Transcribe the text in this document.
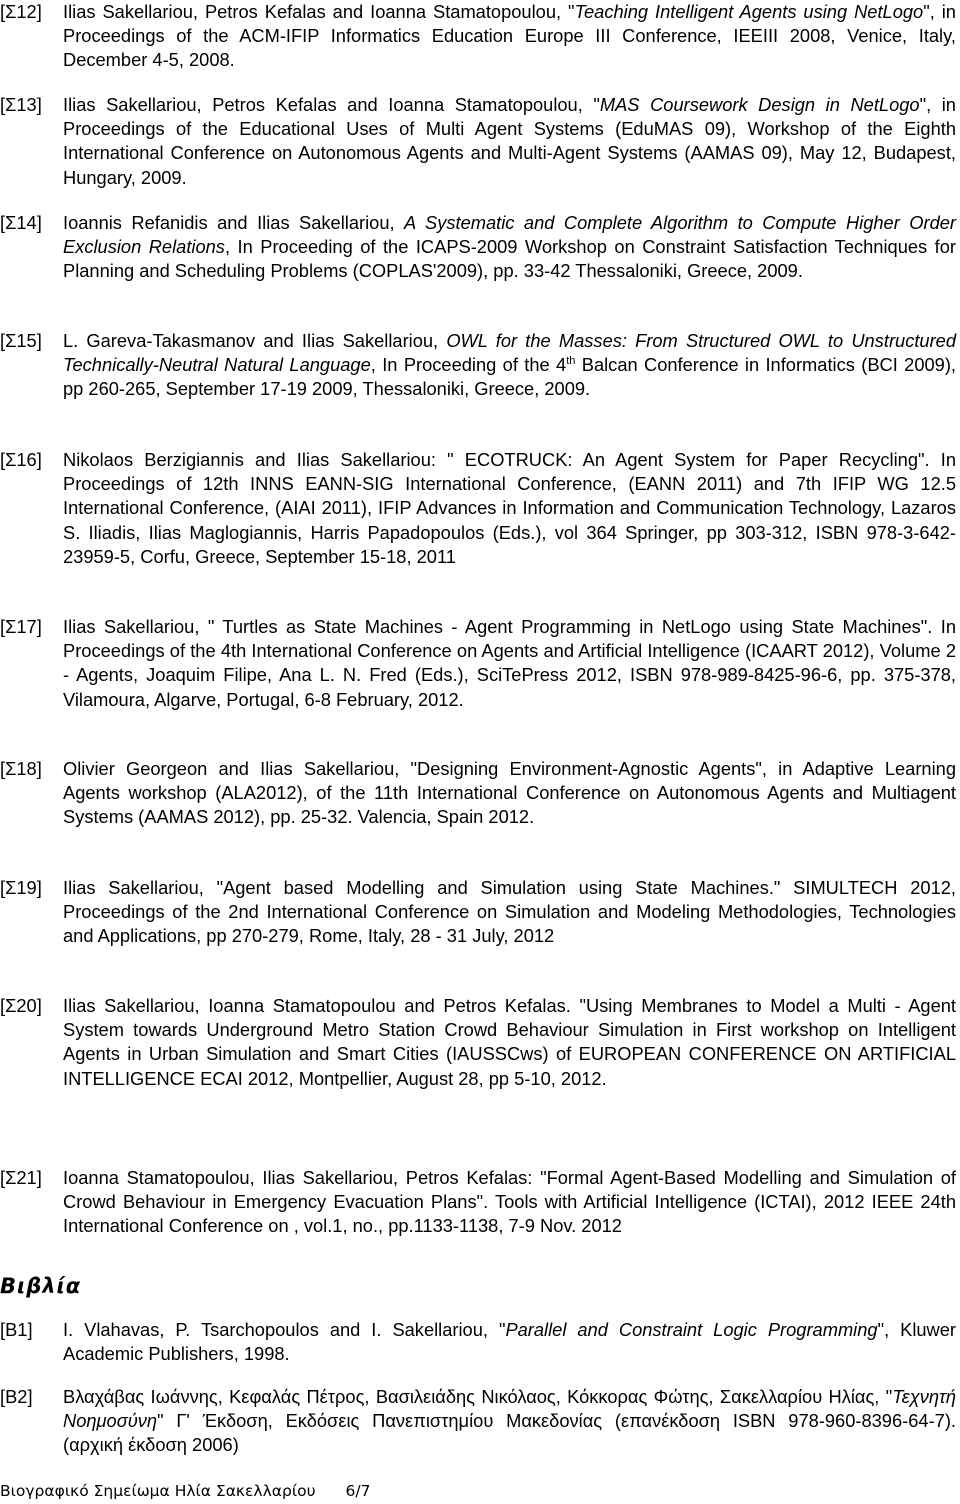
[Σ12]	Ilias Sakellariou, Petros Kefalas and Ioanna Stamatopoulou, "Teaching Intelligent Agents using NetLogo", in Proceedings of the ACM-IFIP Informatics Education Europe III Conference, IEEIII 2008, Venice, Italy, December 4-5, 2008.
[Σ13]	Ilias Sakellariou, Petros Kefalas and Ioanna Stamatopoulou, "MAS Coursework Design in NetLogo", in Proceedings of the Educational Uses of Multi Agent Systems (EduMAS 09), Workshop of the Eighth International Conference on Autonomous Agents and Multi-Agent Systems (AAMAS 09), May 12, Budapest, Hungary, 2009.
[Σ14]	Ioannis Refanidis and Ilias Sakellariou, A Systematic and Complete Algorithm to Compute Higher Order Exclusion Relations, In Proceeding of the ICAPS-2009 Workshop on Constraint Satisfaction Techniques for Planning and Scheduling Problems (COPLAS'2009), pp. 33-42 Thessaloniki, Greece, 2009.
[Σ15]	L. Gareva-Takasmanov and Ilias Sakellariou, OWL for the Masses: From Structured OWL to Unstructured Technically-Neutral Natural Language, In Proceeding of the 4th Balcan Conference in Informatics (BCI 2009), pp 260-265, September 17-19 2009, Thessaloniki, Greece, 2009.
[Σ16]	Nikolaos Berzigiannis and Ilias Sakellariou: " ECOTRUCK: An Agent System for Paper Recycling". In Proceedings of 12th INNS EANN-SIG International Conference, (EANN 2011) and 7th IFIP WG 12.5 International Conference, (AIAI 2011), IFIP Advances in Information and Communication Technology, Lazaros S. Iliadis, Ilias Maglogiannis, Harris Papadopoulos (Eds.), vol 364 Springer, pp 303-312, ISBN 978-3-642-23959-5, Corfu, Greece, September 15-18, 2011
[Σ17]	Ilias Sakellariou, " Turtles as State Machines - Agent Programming in NetLogo using State Machines". In Proceedings of the 4th International Conference on Agents and Artificial Intelligence (ICAART 2012), Volume 2 - Agents, Joaquim Filipe, Ana L. N. Fred (Eds.), SciTePress 2012, ISBN 978-989-8425-96-6, pp. 375-378, Vilamoura, Algarve, Portugal, 6-8 February, 2012.
[Σ18]	Olivier Georgeon and Ilias Sakellariou, "Designing Environment-Agnostic Agents", in Adaptive Learning Agents workshop (ALA2012), of the 11th International Conference on Autonomous Agents and Multiagent Systems (AAMAS 2012), pp. 25-32. Valencia, Spain 2012.
[Σ19]	Ilias Sakellariou, "Agent based Modelling and Simulation using State Machines." SIMULTECH 2012, Proceedings of the 2nd International Conference on Simulation and Modeling Methodologies, Technologies and Applications, pp 270-279, Rome, Italy, 28 - 31 July, 2012
[Σ20]	Ilias Sakellariou, Ioanna Stamatopoulou and Petros Kefalas. "Using Membranes to Model a Multi - Agent System towards Underground Metro Station Crowd Behaviour Simulation in First workshop on Intelligent Agents in Urban Simulation and Smart Cities (IAUSSCws) of EUROPEAN CONFERENCE ON ARTIFICIAL INTELLIGENCE ECAI 2012, Montpellier, August 28, pp 5-10, 2012.
[Σ21]	Ioanna Stamatopoulou, Ilias Sakellariou, Petros Kefalas: "Formal Agent-Based Modelling and Simulation of Crowd Behaviour in Emergency Evacuation Plans". Tools with Artificial Intelligence (ICTAI), 2012 IEEE 24th International Conference on , vol.1, no., pp.1133-1138, 7-9 Nov. 2012
Βιβλία
[B1]	I. Vlahavas, P. Tsarchopoulos and I. Sakellariou, "Parallel and Constraint Logic Programming", Kluwer Academic Publishers, 1998.
[B2]	Βλαχάβας Ιωάννης, Κεφαλάς Πέτρος, Βασιλειάδης Νικόλαος, Κόκκορας Φώτης, Σακελλαρίου Ηλίας, "Τεχνητή Νοημοσύνη" Γ' Έκδοση, Εκδόσεις Πανεπιστημίου Μακεδονίας (επανέκδοση ISBN 978-960-8396-64-7). (αρχική έκδοση 2006)
Βιογραφικό Σημείωμα Ηλία Σακελλαρίου 6/7
